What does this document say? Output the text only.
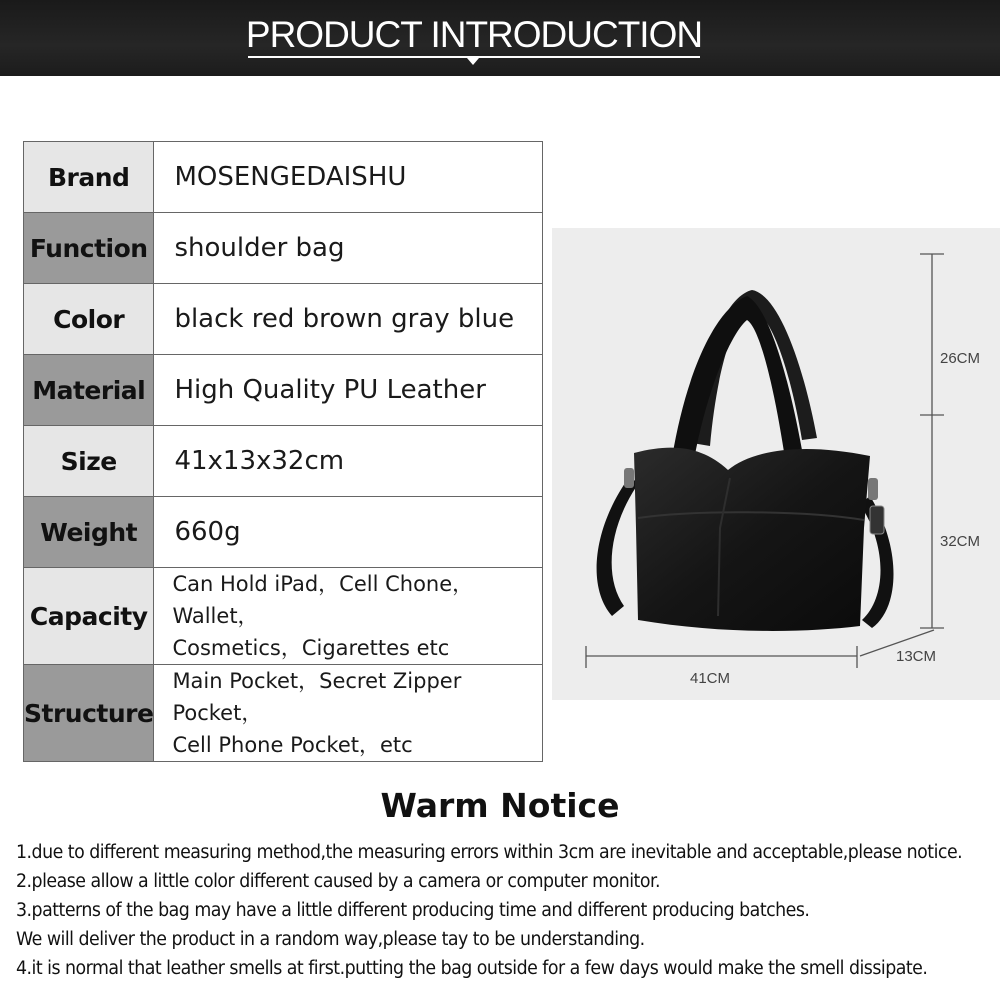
PRODUCT INTRODUCTION
Brand	MOSENGEDAISHU

Function	shoulder bag

Color	black red brown gray blue

Material	High Quality PU Leather

Size	41x13x32cm

Weight	660g

Capacity	Can Hold iPad，Cell Chone，Wallet，
Cosmetics，Cigarettes etc

Structure	Main Pocket，Secret Zipper Pocket，
Cell Phone Pocket，etc
26CM
32CM
41CM
13CM
Warm Notice
1.due to different measuring method,the measuring errors within 3cm are inevitable and acceptable,please notice.
2.please allow a little color different caused by a camera or computer monitor.
3.patterns of the bag may have a little different producing time and different producing batches.
We will deliver the product in a random way,please tay to be understanding.
4.it is normal that leather smells at first.putting the bag outside for a few days would make the smell dissipate.
